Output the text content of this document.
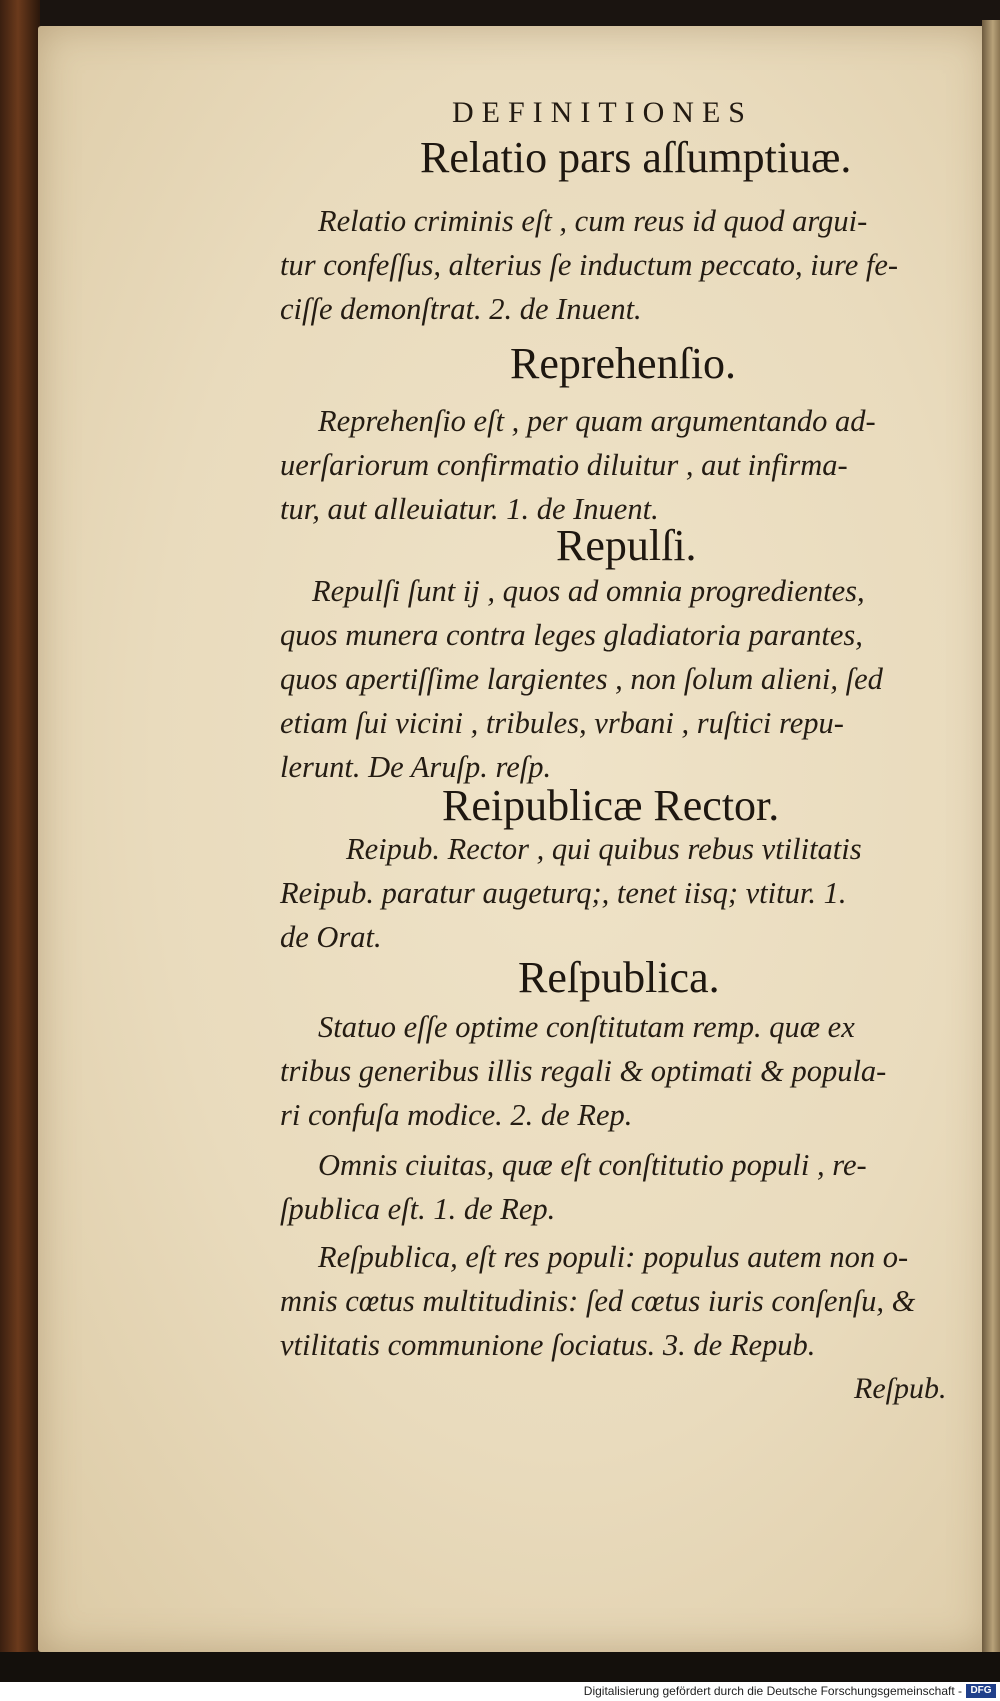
DEFINITIONES
Relatio pars aſſumptiuæ.
Relatio criminis eſt , cum reus id quod argui-
tur confeſſus, alterius ſe inductum peccato, iure fe-
ciſſe demonſtrat. 2. de Inuent.
Reprehenſio.
Reprehenſio eſt , per quam argumentando ad-
uerſariorum confirmatio diluitur , aut infirma-
tur, aut alleuiatur. 1. de Inuent.
Repulſi.
Repulſi ſunt ij , quos ad omnia progredientes,
quos munera contra leges gladiatoria parantes,
quos apertiſſime largientes , non ſolum alieni, ſed
etiam ſui vicini , tribules, vrbani , ruſtici repu-
lerunt. De Aruſp. reſp.
Reipublicæ Rector.
Reipub. Rector , qui quibus rebus vtilitatis
Reipub. paratur augeturq;, tenet iisq; vtitur. 1.
de Orat.
Reſpublica.
Statuo eſſe optime conſtitutam remp. quæ ex
tribus generibus illis regali & optimati & popula-
ri confuſa modice. 2. de Rep.
Omnis ciuitas, quæ eſt conſtitutio populi , re-
ſpublica eſt. 1. de Rep.
Reſpublica, eſt res populi: populus autem non o-
mnis cœtus multitudinis: ſed cœtus iuris conſenſu, &
vtilitatis communione ſociatus. 3. de Repub.
Reſpub.
Digitalisierung gefördert durch die Deutsche Forschungsgemeinschaft - DFG
